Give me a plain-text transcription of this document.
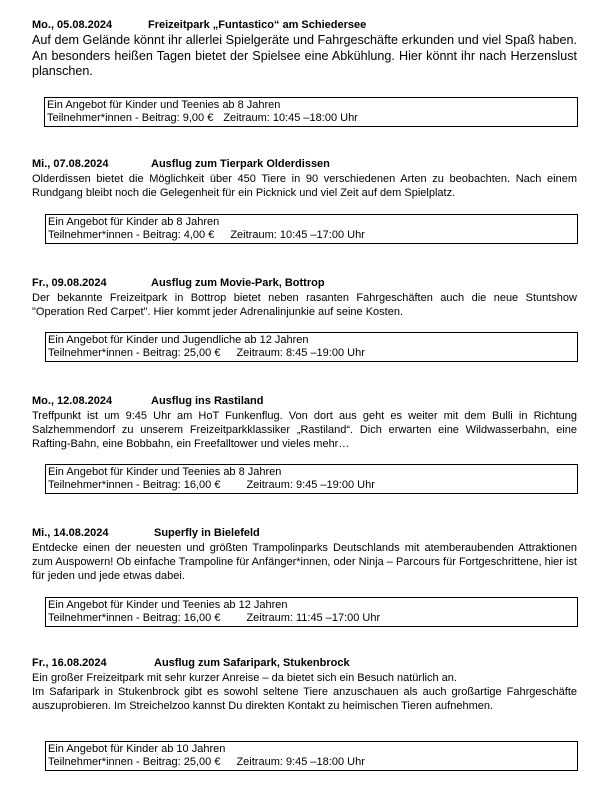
Mo., 05.08.2024	Freizeitpark „Funtastico“ am Schiedersee

Auf dem Gelände könnt ihr allerlei Spielgeräte und Fahrgeschäfte erkunden und viel Spaß haben. An besonders heißen Tagen bietet der Spielsee eine Abkühlung. Hier könnt ihr nach Herzenslust planschen.

Ein Angebot für Kinder und Teenies ab 8 Jahren
Teilnehmer*innen - Beitrag: 9,00 € Zeitraum: 10:45 –18:00 Uhr
Mi., 07.08.2024	Ausflug zum Tierpark Olderdissen

Olderdissen bietet die Möglichkeit über 450 Tiere in 90 verschiedenen Arten zu beobachten. Nach einem Rundgang bleibt noch die Gelegenheit für ein Picknick und viel Zeit auf dem Spielplatz.

Ein Angebot für Kinder ab 8 Jahren
Teilnehmer*innen - Beitrag: 4,00 € Zeitraum: 10:45 –17:00 Uhr
Fr., 09.08.2024	Ausflug zum Movie-Park, Bottrop

Der bekannte Freizeitpark in Bottrop bietet neben rasanten Fahrgeschäften auch die neue Stuntshow "Operation Red Carpet". Hier kommt jeder Adrenalinjunkie auf seine Kosten.

Ein Angebot für Kinder und Jugendliche ab 12 Jahren
Teilnehmer*innen - Beitrag: 25,00 € Zeitraum: 8:45 –19:00 Uhr
Mo., 12.08.2024	Ausflug ins Rastiland

Treffpunkt ist um 9:45 Uhr am HoT Funkenflug. Von dort aus geht es weiter mit dem Bulli in Richtung Salzhemmendorf zu unserem Freizeitparkklassiker „Rastiland“. Dich erwarten eine Wildwasserbahn, eine Rafting-Bahn, eine Bobbahn, ein Freefalltower und vieles mehr…

Ein Angebot für Kinder und Teenies ab 8 Jahren
Teilnehmer*innen - Beitrag: 16,00 € Zeitraum: 9:45 –19:00 Uhr
Mi., 14.08.2024	Superfly in Bielefeld

Entdecke einen der neuesten und größten Trampolinparks Deutschlands mit atemberaubenden Attraktionen zum Auspowern! Ob einfache Trampoline für Anfänger*innen, oder Ninja – Parcours für Fortgeschrittene, hier ist für jeden und jede etwas dabei.

Ein Angebot für Kinder und Teenies ab 12 Jahren
Teilnehmer*innen - Beitrag: 16,00 € Zeitraum: 11:45 –17:00 Uhr
Fr., 16.08.2024	Ausflug zum Safaripark, Stukenbrock

Ein großer Freizeitpark mit sehr kurzer Anreise – da bietet sich ein Besuch natürlich an.

Im Safaripark in Stukenbrock gibt es sowohl seltene Tiere anzuschauen als auch großartige Fahrgeschäfte auszuprobieren. Im Streichelzoo kannst Du direkten Kontakt zu heimischen Tieren aufnehmen.

Ein Angebot für Kinder ab 10 Jahren
Teilnehmer*innen - Beitrag: 25,00 € Zeitraum: 9:45 –18:00 Uhr
